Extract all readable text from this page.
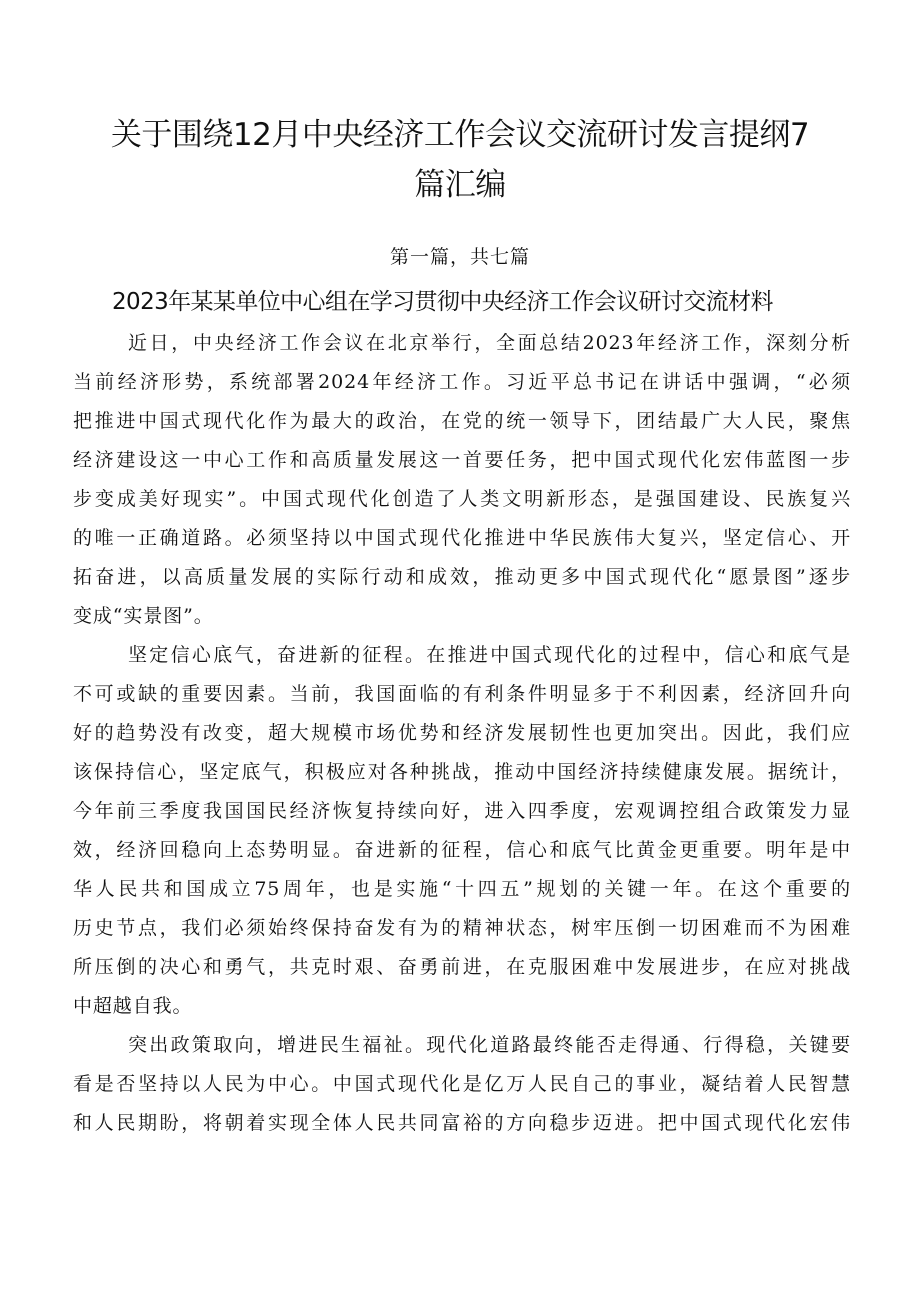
关于围绕12月中央经济工作会议交流研讨发言提纲7
篇汇编
第一篇，共七篇
2023年某某单位中心组在学习贯彻中央经济工作会议研讨交流材料
近日，中央经济工作会议在北京举行，全面总结2023年经济工作，深刻分析
当前经济形势，系统部署2024年经济工作。习近平总书记在讲话中强调，“必须
把推进中国式现代化作为最大的政治，在党的统一领导下，团结最广大人民，聚焦
经济建设这一中心工作和高质量发展这一首要任务，把中国式现代化宏伟蓝图一步
步变成美好现实”。中国式现代化创造了人类文明新形态，是强国建设、民族复兴
的唯一正确道路。必须坚持以中国式现代化推进中华民族伟大复兴，坚定信心、开
拓奋进，以高质量发展的实际行动和成效，推动更多中国式现代化“愿景图”逐步
变成“实景图”。
坚定信心底气，奋进新的征程。在推进中国式现代化的过程中，信心和底气是
不可或缺的重要因素。当前，我国面临的有利条件明显多于不利因素，经济回升向
好的趋势没有改变，超大规模市场优势和经济发展韧性也更加突出。因此，我们应
该保持信心，坚定底气，积极应对各种挑战，推动中国经济持续健康发展。据统计，
今年前三季度我国国民经济恢复持续向好，进入四季度，宏观调控组合政策发力显
效，经济回稳向上态势明显。奋进新的征程，信心和底气比黄金更重要。明年是中
华人民共和国成立75周年，也是实施“十四五”规划的关键一年。在这个重要的
历史节点，我们必须始终保持奋发有为的精神状态，树牢压倒一切困难而不为困难
所压倒的决心和勇气，共克时艰、奋勇前进，在克服困难中发展进步，在应对挑战
中超越自我。
突出政策取向，增进民生福祉。现代化道路最终能否走得通、行得稳，关键要
看是否坚持以人民为中心。中国式现代化是亿万人民自己的事业，凝结着人民智慧
和人民期盼，将朝着实现全体人民共同富裕的方向稳步迈进。把中国式现代化宏伟
